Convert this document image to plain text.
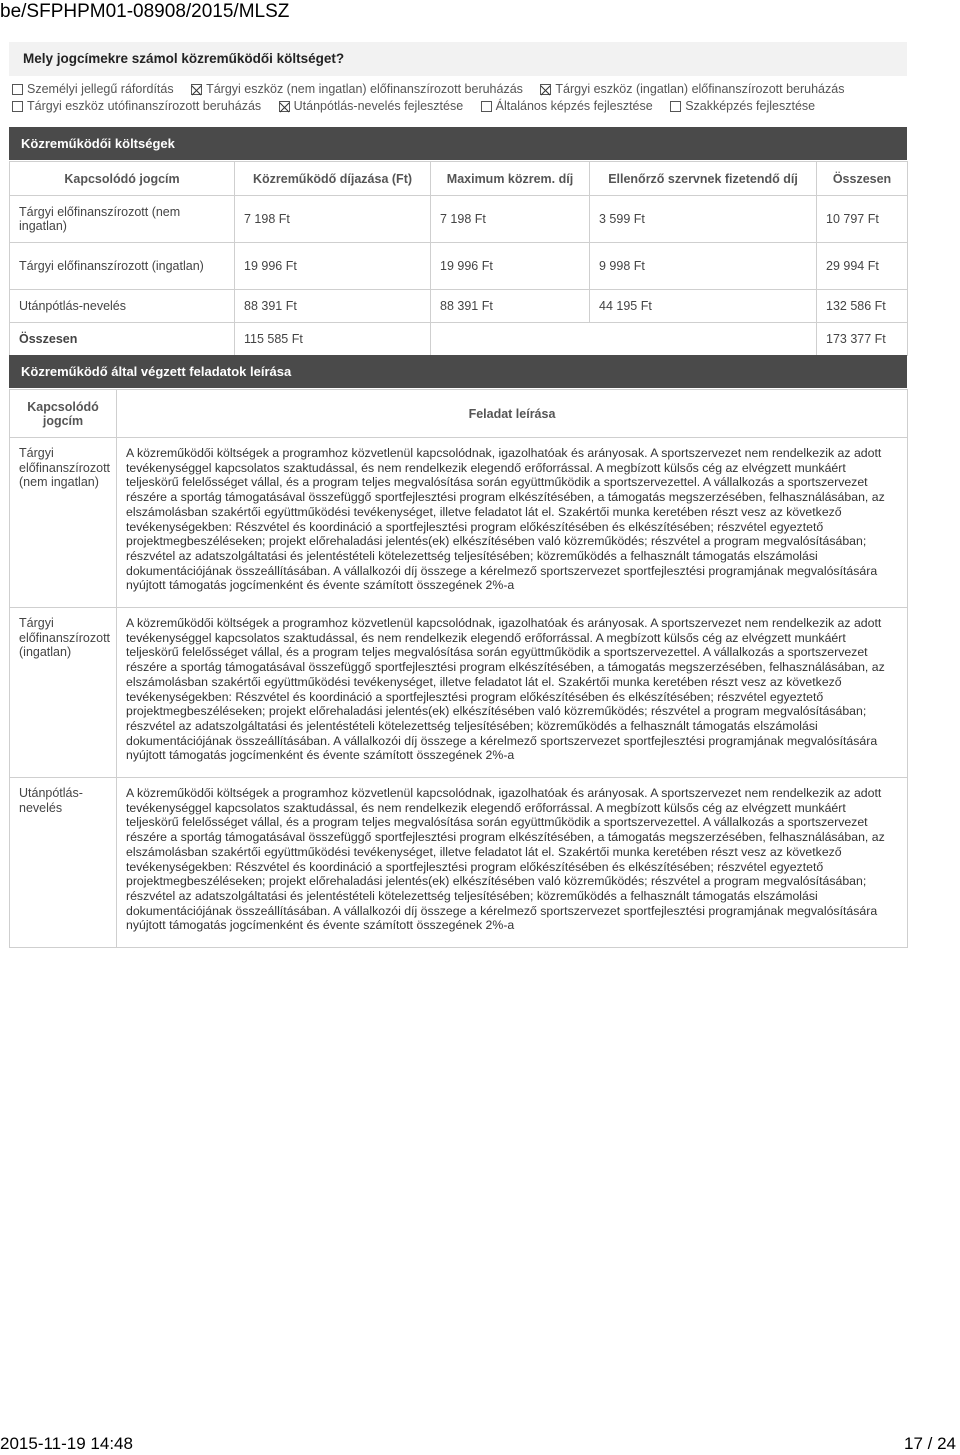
be/SFPHPM01-08908/2015/MLSZ
Mely jogcímekre számol közreműködői költséget?
Személyi jellegű ráfordítás
	Tárgyi eszköz (nem ingatlan) előfinanszírozott beruházás
	Tárgyi eszköz (ingatlan) előfinanszírozott beruházás
Tárgyi eszköz utófinanszírozott beruházás
	Utánpótlás-nevelés fejlesztése
	Általános képzés fejlesztése
	Szakképzés fejlesztése
Közreműködői költségek
Kapcsolódó jogcím	Közreműködő díjazása (Ft)	Maximum közrem. díj	Ellenőrző szervnek fizetendő díj	Összesen
Tárgyi előfinanszírozott (nem ingatlan)	7 198 Ft	7 198 Ft	3 599 Ft	10 797 Ft
Tárgyi előfinanszírozott (ingatlan)	19 996 Ft	19 996 Ft	9 998 Ft	29 994 Ft
Utánpótlás-nevelés	88 391 Ft	88 391 Ft	44 195 Ft	132 586 Ft
Összesen	115 585 Ft			173 377 Ft
Közreműködő által végzett feladatok leírása
Kapcsolódó jogcím	Feladat leírása
Tárgyi előfinanszírozott (nem ingatlan)	A közreműködői költségek a programhoz közvetlenül kapcsolódnak, igazolhatóak és arányosak. A sportszervezet nem rendelkezik az adott tevékenységgel kapcsolatos szaktudással, és nem rendelkezik elegendő erőforrással. A megbízott külsős cég az elvégzett munkáért teljeskörű felelősséget vállal, és a program teljes megvalósítása során együttműködik a sportszervezettel. A vállalkozás a sportszervezet részére a sportág támogatásával összefüggő sportfejlesztési program elkészítésében, a támogatás megszerzésében, felhasználásában, az elszámolásban szakértői együttműködési tevékenységet, illetve feladatot lát el. Szakértői munka keretében részt vesz az következő tevékenységekben: Részvétel és koordináció a sportfejlesztési program előkészítésében és elkészítésében; részvétel egyeztető projektmegbeszéléseken; projekt előrehaladási jelentés(ek) elkészítésében való közreműködés; részvétel a program megvalósításában; részvétel az adatszolgáltatási és jelentéstételi kötelezettség teljesítésében; közreműködés a felhasznált támogatás elszámolási dokumentációjának összeállításában. A vállalkozói díj összege a kérelmező sportszervezet sportfejlesztési programjának megvalósítására nyújtott támogatás jogcímenként és évente számított összegének 2%-a
Tárgyi előfinanszírozott (ingatlan)	A közreműködői költségek a programhoz közvetlenül kapcsolódnak, igazolhatóak és arányosak. A sportszervezet nem rendelkezik az adott tevékenységgel kapcsolatos szaktudással, és nem rendelkezik elegendő erőforrással. A megbízott külsős cég az elvégzett munkáért teljeskörű felelősséget vállal, és a program teljes megvalósítása során együttműködik a sportszervezettel. A vállalkozás a sportszervezet részére a sportág támogatásával összefüggő sportfejlesztési program elkészítésében, a támogatás megszerzésében, felhasználásában, az elszámolásban szakértői együttműködési tevékenységet, illetve feladatot lát el. Szakértői munka keretében részt vesz az következő tevékenységekben: Részvétel és koordináció a sportfejlesztési program előkészítésében és elkészítésében; részvétel egyeztető projektmegbeszéléseken; projekt előrehaladási jelentés(ek) elkészítésében való közreműködés; részvétel a program megvalósításában; részvétel az adatszolgáltatási és jelentéstételi kötelezettség teljesítésében; közreműködés a felhasznált támogatás elszámolási dokumentációjának összeállításában. A vállalkozói díj összege a kérelmező sportszervezet sportfejlesztési programjának megvalósítására nyújtott támogatás jogcímenként és évente számított összegének 2%-a
Utánpótlás-nevelés	A közreműködői költségek a programhoz közvetlenül kapcsolódnak, igazolhatóak és arányosak. A sportszervezet nem rendelkezik az adott tevékenységgel kapcsolatos szaktudással, és nem rendelkezik elegendő erőforrással. A megbízott külsős cég az elvégzett munkáért teljeskörű felelősséget vállal, és a program teljes megvalósítása során együttműködik a sportszervezettel. A vállalkozás a sportszervezet részére a sportág támogatásával összefüggő sportfejlesztési program elkészítésében, a támogatás megszerzésében, felhasználásában, az elszámolásban szakértői együttműködési tevékenységet, illetve feladatot lát el. Szakértői munka keretében részt vesz az következő tevékenységekben: Részvétel és koordináció a sportfejlesztési program előkészítésében és elkészítésében; részvétel egyeztető projektmegbeszéléseken; projekt előrehaladási jelentés(ek) elkészítésében való közreműködés; részvétel a program megvalósításában; részvétel az adatszolgáltatási és jelentéstételi kötelezettség teljesítésében; közreműködés a felhasznált támogatás elszámolási dokumentációjának összeállításában. A vállalkozói díj összege a kérelmező sportszervezet sportfejlesztési programjának megvalósítására nyújtott támogatás jogcímenként és évente számított összegének 2%-a
2015-11-19 14:48	17 / 24
